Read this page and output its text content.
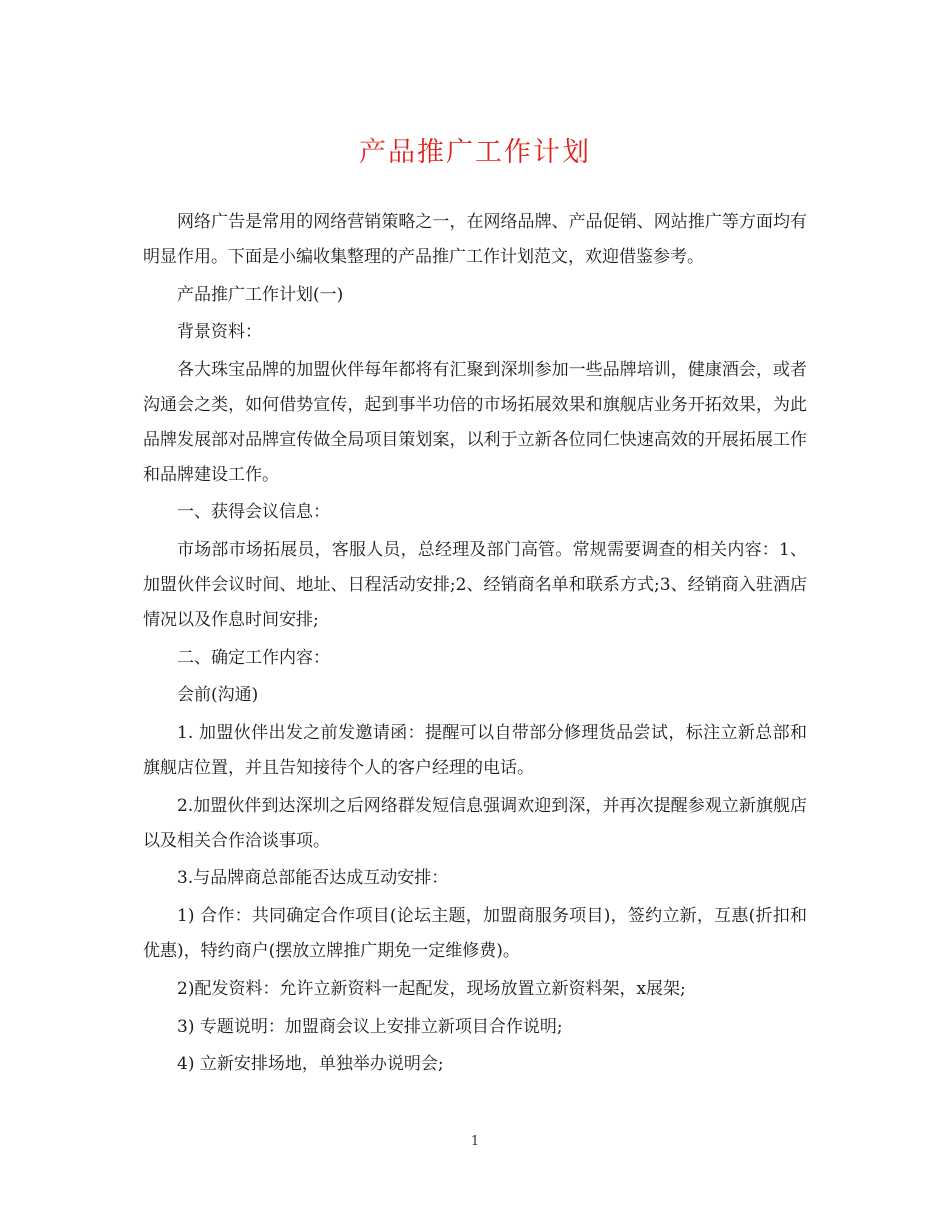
产品推广工作计划

网络广告是常用的网络营销策略之一，在网络品牌、产品促销、网站推广等方面均有明显作用。下面是小编收集整理的产品推广工作计划范文，欢迎借鉴参考。

产品推广工作计划(一)

背景资料：

各大珠宝品牌的加盟伙伴每年都将有汇聚到深圳参加一些品牌培训，健康酒会，或者沟通会之类，如何借势宣传，起到事半功倍的市场拓展效果和旗舰店业务开拓效果，为此品牌发展部对品牌宣传做全局项目策划案，以利于立新各位同仁快速高效的开展拓展工作和品牌建设工作。

一、获得会议信息：

市场部市场拓展员，客服人员，总经理及部门高管。常规需要调查的相关内容：1、加盟伙伴会议时间、地址、日程活动安排;2、经销商名单和联系方式;3、经销商入驻酒店情况以及作息时间安排;

二、确定工作内容：

会前(沟通)

1. 加盟伙伴出发之前发邀请函：提醒可以自带部分修理货品尝试，标注立新总部和旗舰店位置，并且告知接待个人的客户经理的电话。

2.加盟伙伴到达深圳之后网络群发短信息强调欢迎到深，并再次提醒参观立新旗舰店以及相关合作洽谈事项。

3.与品牌商总部能否达成互动安排：

1) 合作：共同确定合作项目(论坛主题，加盟商服务项目)，签约立新，互惠(折扣和优惠)，特约商户(摆放立牌推广期免一定维修费)。

2)配发资料：允许立新资料一起配发，现场放置立新资料架，x展架;

3) 专题说明：加盟商会议上安排立新项目合作说明;

4) 立新安排场地，单独举办说明会;

1
